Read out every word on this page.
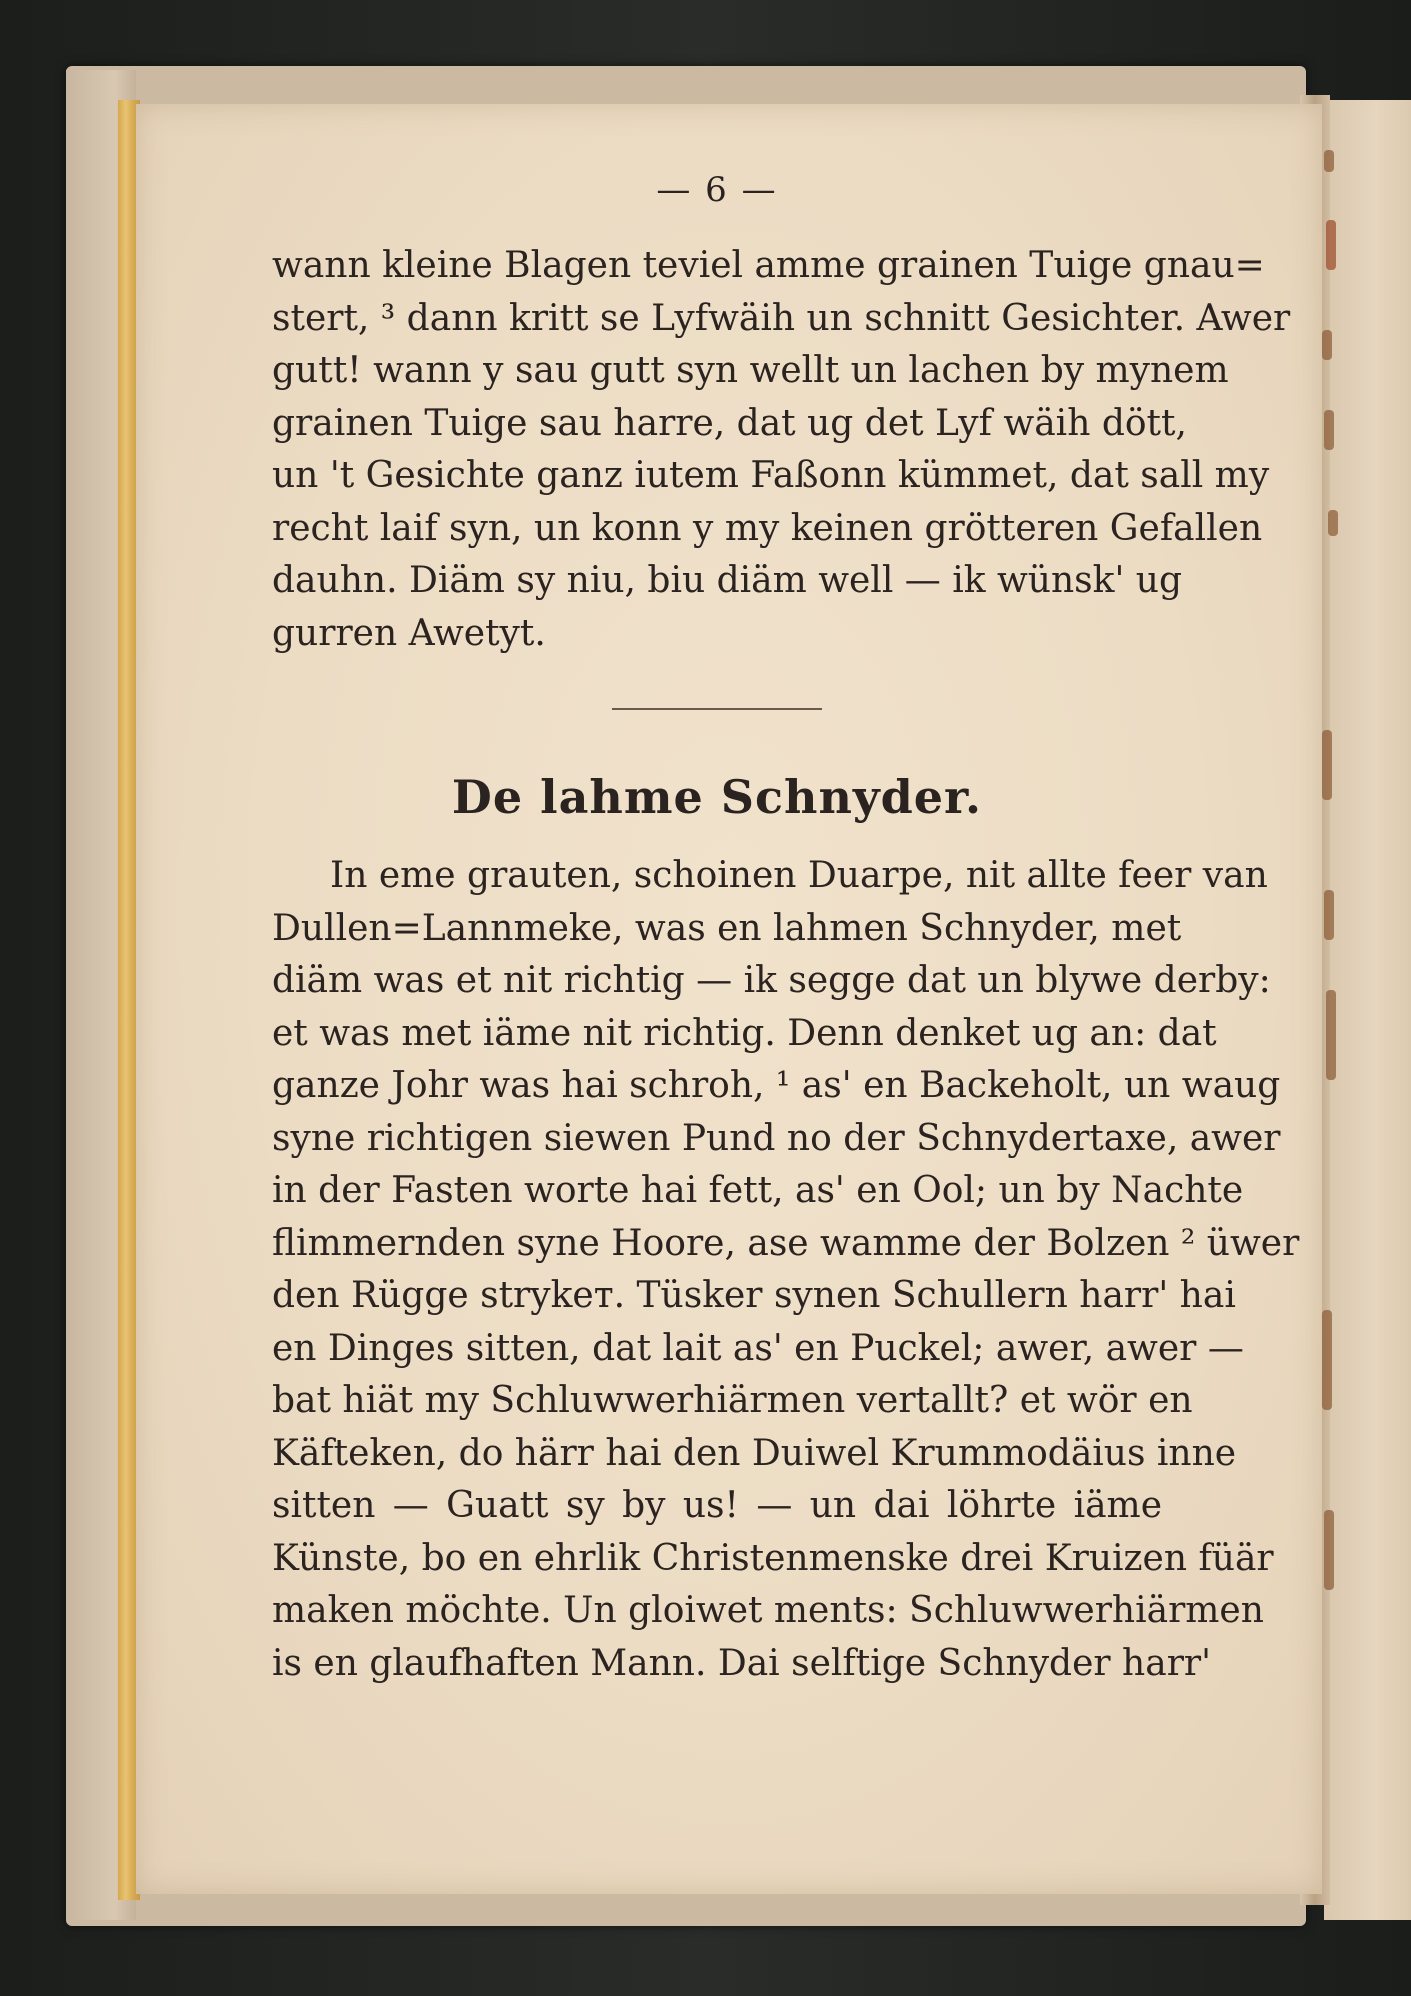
— 6 —

wann kleine Blagen teviel amme grainen Tuige gnau=
stert, ³ dann kritt se Lyfwäih un schnitt Gesichter. Awer
gutt! wann y sau gutt syn wellt un lachen by mynem
grainen Tuige sau harre, dat ug det Lyf wäih dött,
un 't Gesichte ganz iutem Faßonn kümmet, dat sall my
recht laif syn, un konn y my keinen grötteren Gefallen
dauhn. Diäm sy niu, biu diäm well — ik wünsk' ug
gurren Awetyt.

De lahme Schnyder.

In eme grauten, schoinen Duarpe, nit allte feer van
Dullen=Lannmeke, was en lahmen Schnyder, met
diäm was et nit richtig — ik segge dat un blywe derby:
et was met iäme nit richtig. Denn denket ug an: dat
ganze Johr was hai schroh, ¹ as' en Backeholt, un waug
syne richtigen siewen Pund no der Schnydertaxe, awer
in der Fasten worte hai fett, as' en Ool; un by Nachte
flimmernden syne Hoore, ase wamme der Bolzen ² üwer
den Rügge strykет. Tüsker synen Schullern harr' hai
en Dinges sitten, dat lait as' en Puckel; awer, awer —
bat hiät my Schluwwerhiärmen vertallt? et wör en
Käftеken, do härr hai den Duiwel Krummodäius inne
sitten — Guatt sy by us! — un dai löhrte iäme
Künste, bo en ehrlik Christenmenske drei Kruizen füär
maken möchte. Un gloiwet ments: Schluwwerhiärmen
is en glaufhaften Mann. Dai selftige Schnyder harr'
